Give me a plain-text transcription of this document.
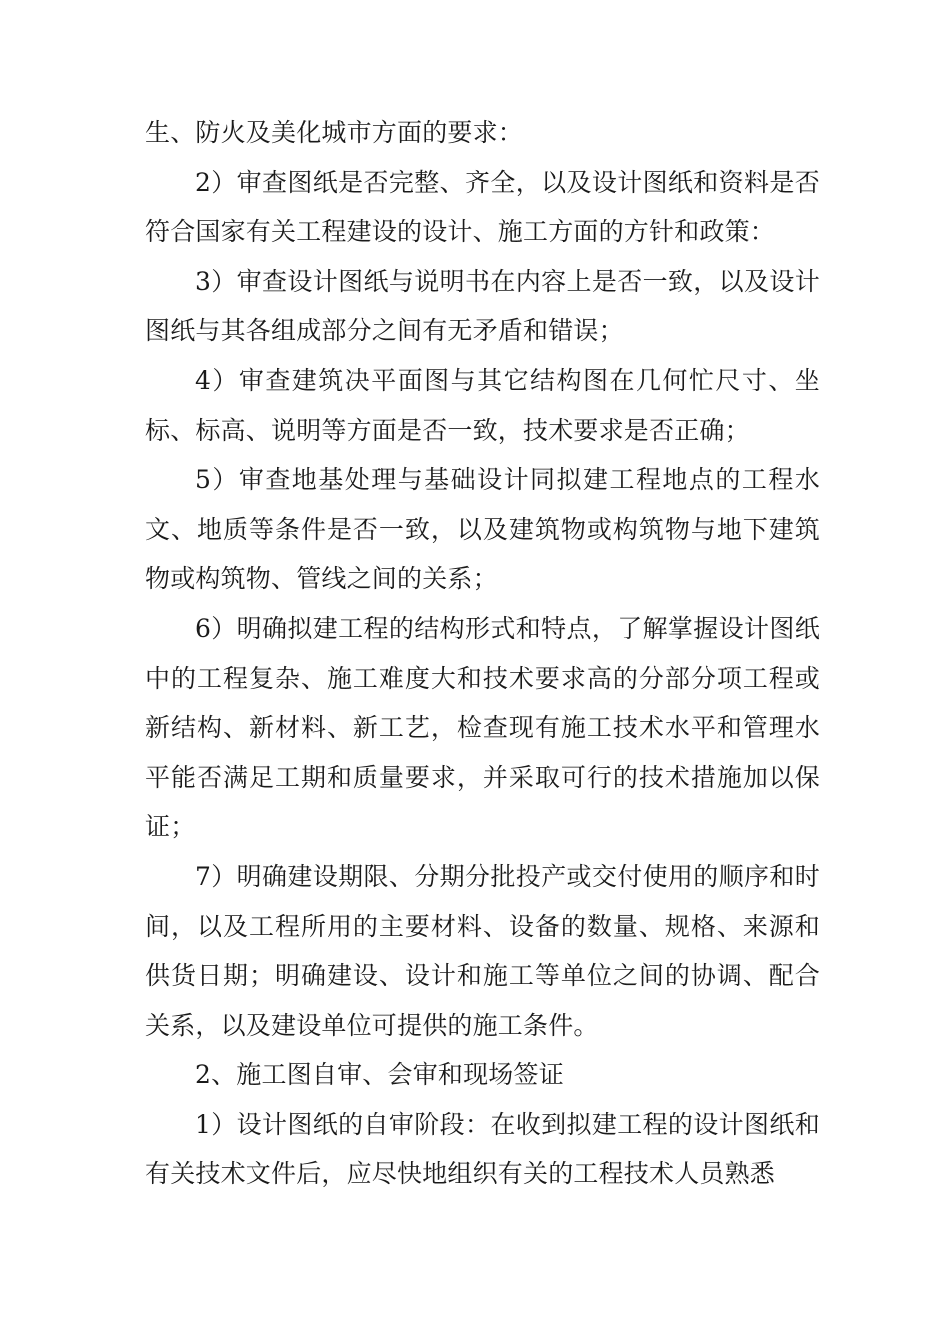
生、防火及美化城市方面的要求：

2）审查图纸是否完整、齐全，以及设计图纸和资料是否符合国家有关工程建设的设计、施工方面的方针和政策：

3）审查设计图纸与说明书在内容上是否一致，以及设计图纸与其各组成部分之间有无矛盾和错误；

4）审查建筑决平面图与其它结构图在几何忙尺寸、坐标、标高、说明等方面是否一致，技术要求是否正确；

5）审查地基处理与基础设计同拟建工程地点的工程水文、地质等条件是否一致，以及建筑物或构筑物与地下建筑物或构筑物、管线之间的关系；

6）明确拟建工程的结构形式和特点，了解掌握设计图纸中的工程复杂、施工难度大和技术要求高的分部分项工程或新结构、新材料、新工艺，检查现有施工技术水平和管理水平能否满足工期和质量要求，并采取可行的技术措施加以保证；

7）明确建设期限、分期分批投产或交付使用的顺序和时间，以及工程所用的主要材料、设备的数量、规格、来源和供货日期；明确建设、设计和施工等单位之间的协调、配合关系，以及建设单位可提供的施工条件。

2、施工图自审、会审和现场签证

1）设计图纸的自审阶段：在收到拟建工程的设计图纸和有关技术文件后，应尽快地组织有关的工程技术人员熟悉
